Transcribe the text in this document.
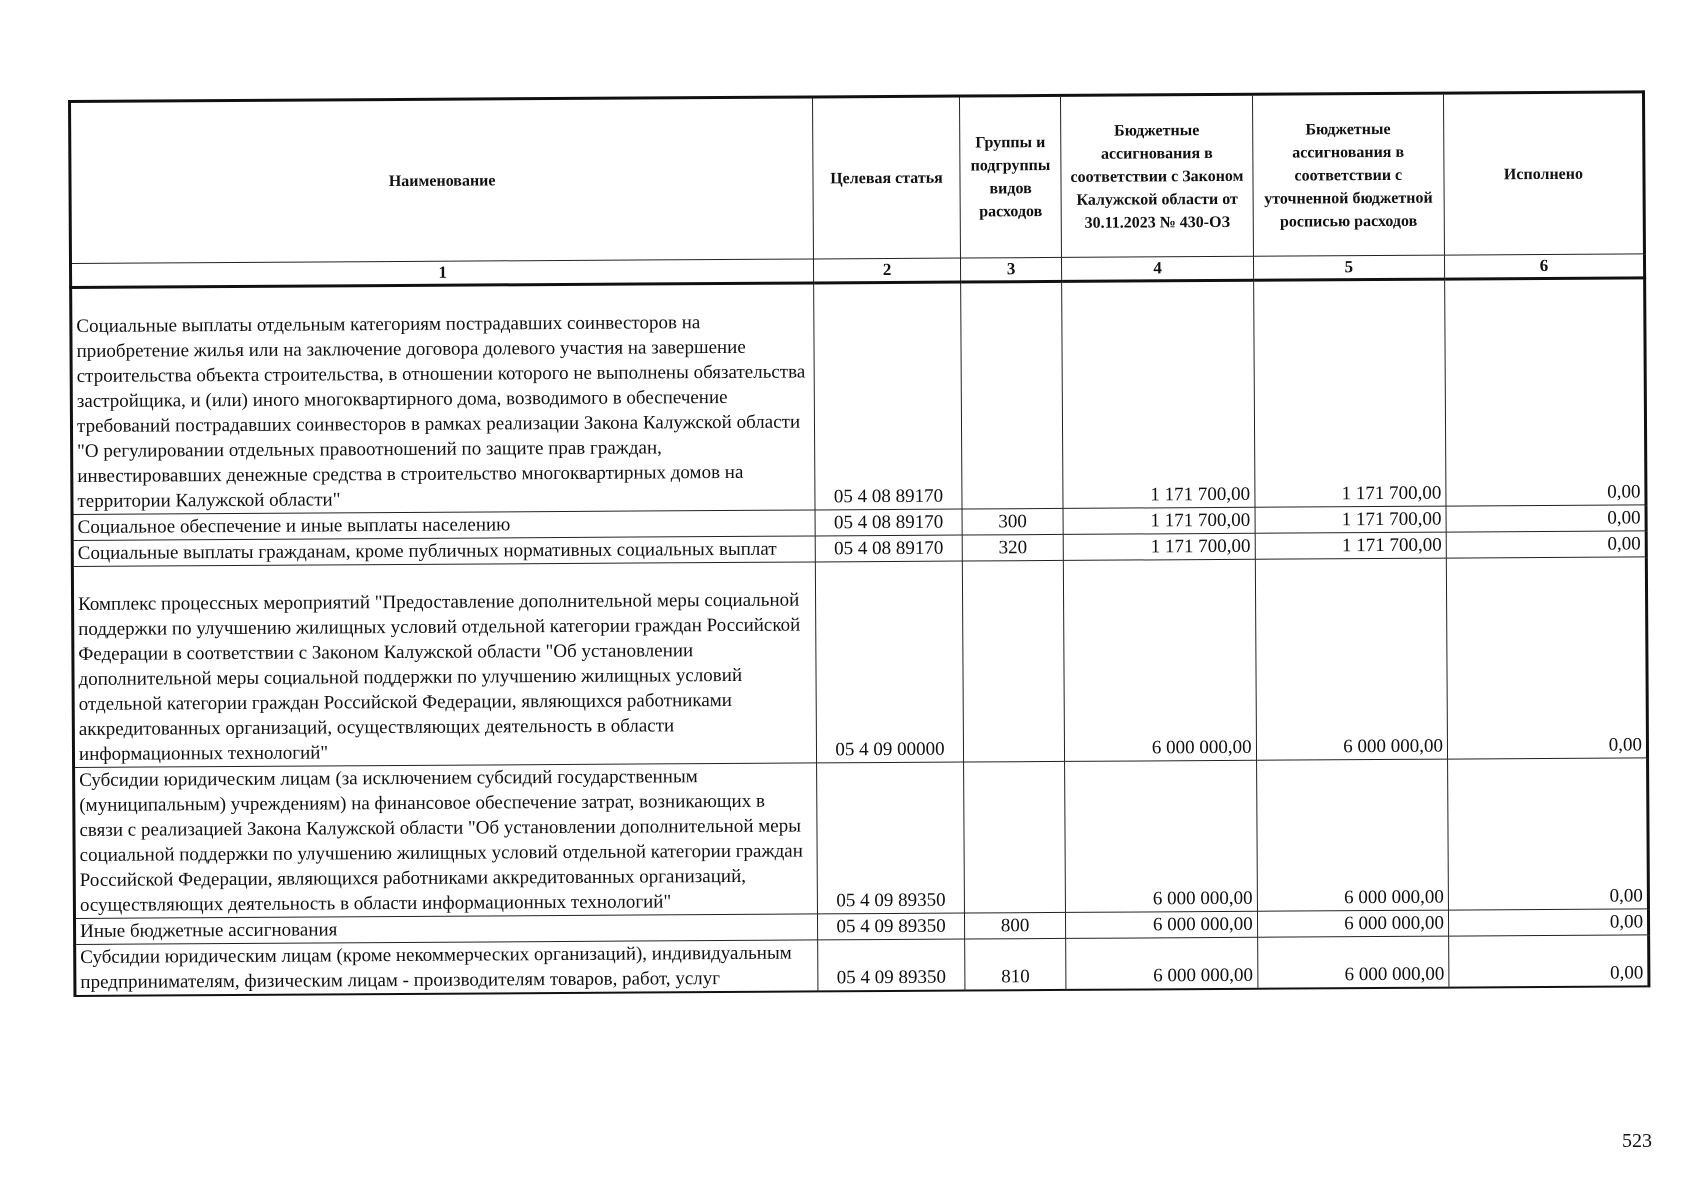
Наименование	Целевая статья	Группы и подгруппы видов расходов	Бюджетные ассигнования в соответствии с Законом Калужской области от 30.11.2023 № 430-ОЗ	Бюджетные ассигнования в соответствии с уточненной бюджетной росписью расходов	Исполнено
1	2	3	4	5	6
Социальные выплаты отдельным категориям пострадавших соинвесторов на приобретение жилья или на заключение договора долевого участия на завершение строительства объекта строительства, в отношении которого не выполнены обязательства застройщика, и (или) иного многоквартирного дома, возводимого в обеспечение требований пострадавших соинвесторов в рамках реализации Закона Калужской области "О регулировании отдельных правоотношений по защите прав граждан, инвестировавших денежные средства в строительство многоквартирных домов на территории Калужской области"	05 4 08 89170		1 171 700,00	1 171 700,00	0,00
Социальное обеспечение и иные выплаты населению	05 4 08 89170	300	1 171 700,00	1 171 700,00	0,00
Социальные выплаты гражданам, кроме публичных нормативных социальных выплат	05 4 08 89170	320	1 171 700,00	1 171 700,00	0,00
Комплекс процессных мероприятий "Предоставление дополнительной меры социальной поддержки по улучшению жилищных условий отдельной категории граждан Российской Федерации в соответствии с Законом Калужской области "Об установлении дополнительной меры социальной поддержки по улучшению жилищных условий отдельной категории граждан Российской Федерации, являющихся работниками аккредитованных организаций, осуществляющих деятельность в области информационных технологий"	05 4 09 00000		6 000 000,00	6 000 000,00	0,00
Субсидии юридическим лицам (за исключением субсидий государственным (муниципальным) учреждениям) на финансовое обеспечение затрат, возникающих в связи с реализацией Закона Калужской области "Об установлении дополнительной меры социальной поддержки по улучшению жилищных условий отдельной категории граждан Российской Федерации, являющихся работниками аккредитованных организаций, осуществляющих деятельность в области информационных технологий"	05 4 09 89350		6 000 000,00	6 000 000,00	0,00
Иные бюджетные ассигнования	05 4 09 89350	800	6 000 000,00	6 000 000,00	0,00
Субсидии юридическим лицам (кроме некоммерческих организаций), индивидуальным предпринимателям, физическим лицам - производителям товаров, работ, услуг	05 4 09 89350	810	6 000 000,00	6 000 000,00	0,00
523
